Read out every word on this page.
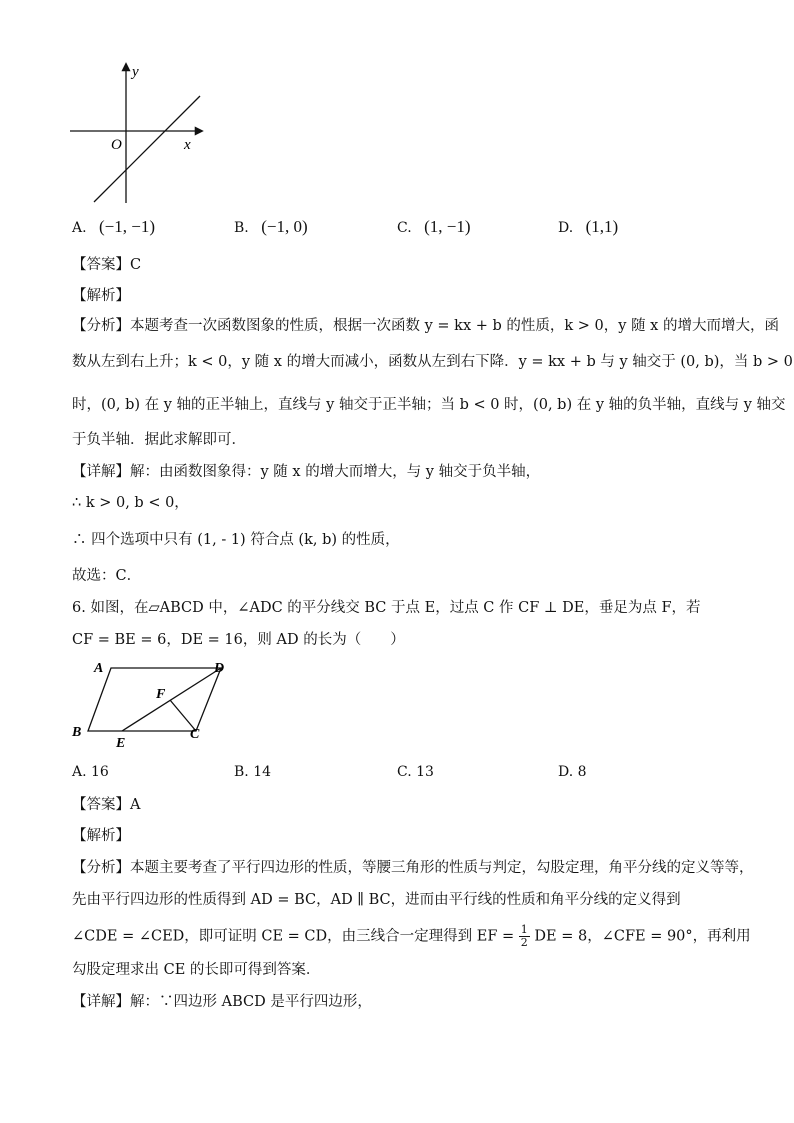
y
x
O
A. (−1, −1)	B. (−1, 0)	C. (1, −1)	D. (1,1)
【答案】C
【解析】
【分析】本题考查一次函数图象的性质，根据一次函数 y = kx + b 的性质，k > 0，y 随 x 的增大而增大，函
数从左到右上升；k < 0，y 随 x 的增大而减小，函数从左到右下降．y = kx + b 与 y 轴交于 (0, b)，当 b > 0
时，(0, b) 在 y 轴的正半轴上，直线与 y 轴交于正半轴；当 b < 0 时，(0, b) 在 y 轴的负半轴，直线与 y 轴交
于负半轴．据此求解即可．
【详解】解：由函数图象得：y 随 x 的增大而增大，与 y 轴交于负半轴，
∴ k > 0, b < 0，
∴ 四个选项中只有 (1, - 1) 符合点 (k, b) 的性质，
故选：C．
6. 如图，在▱ABCD 中，∠ADC 的平分线交 BC 于点 E，过点 C 作 CF ⊥ DE，垂足为点 F，若
CF = BE = 6，DE = 16，则 AD 的长为（　　）
A	D
F
B
E
C
A. 16	B. 14	C. 13	D. 8
【答案】A
【解析】
【分析】本题主要考查了平行四边形的性质，等腰三角形的性质与判定，勾股定理，角平分线的定义等等，
先由平行四边形的性质得到 AD = BC，AD ∥ BC，进而由平行线的性质和角平分线的定义得到
∠CDE = ∠CED，即可证明 CE = CD，由三线合一定理得到 EF = $\frac{1}{2}$ DE = 8，∠CFE = 90°，再利用
勾股定理求出 CE 的长即可得到答案．
【详解】解：∵四边形 ABCD 是平行四边形，
